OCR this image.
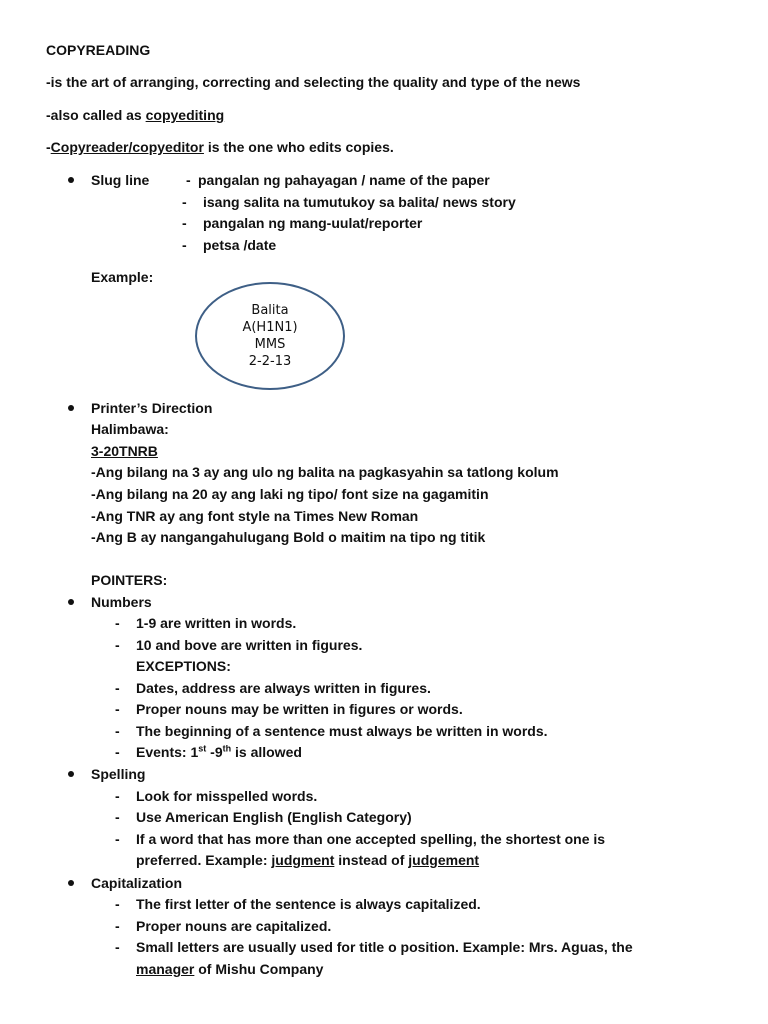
COPYREADING
-is the art of arranging, correcting and selecting the quality and type of the news
-also called as copyediting
-Copyreader/copyeditor is the one who edits copies.
Slug line	- pangalan ng pahayagan / name of the paper
- isang salita na tumutukoy sa balita/ news story
- pangalan ng mang-uulat/reporter
- petsa /date
Example:
Balita
A(H1N1)
MMS
2-2-13
Printer’s Direction
Halimbawa:
3-20TNRB
-Ang bilang na 3 ay ang ulo ng balita na pagkasyahin sa tatlong kolum
-Ang bilang na 20 ay ang laki ng tipo/ font size na gagamitin
-Ang TNR ay ang font style na Times New Roman
-Ang B ay nangangahulugang Bold o maitim na tipo ng titik
POINTERS:
Numbers
- 1-9 are written in words.
- 10 and bove are written in figures.
EXCEPTIONS:
- Dates, address are always written in figures.
- Proper nouns may be written in figures or words.
- The beginning of a sentence must always be written in words.
- Events: 1st -9th is allowed
Spelling
- Look for misspelled words.
- Use American English (English Category)
- If a word that has more than one accepted spelling, the shortest one is
preferred. Example: judgment instead of judgement
Capitalization
- The first letter of the sentence is always capitalized.
- Proper nouns are capitalized.
- Small letters are usually used for title o position. Example: Mrs. Aguas, the
manager of Mishu Company
